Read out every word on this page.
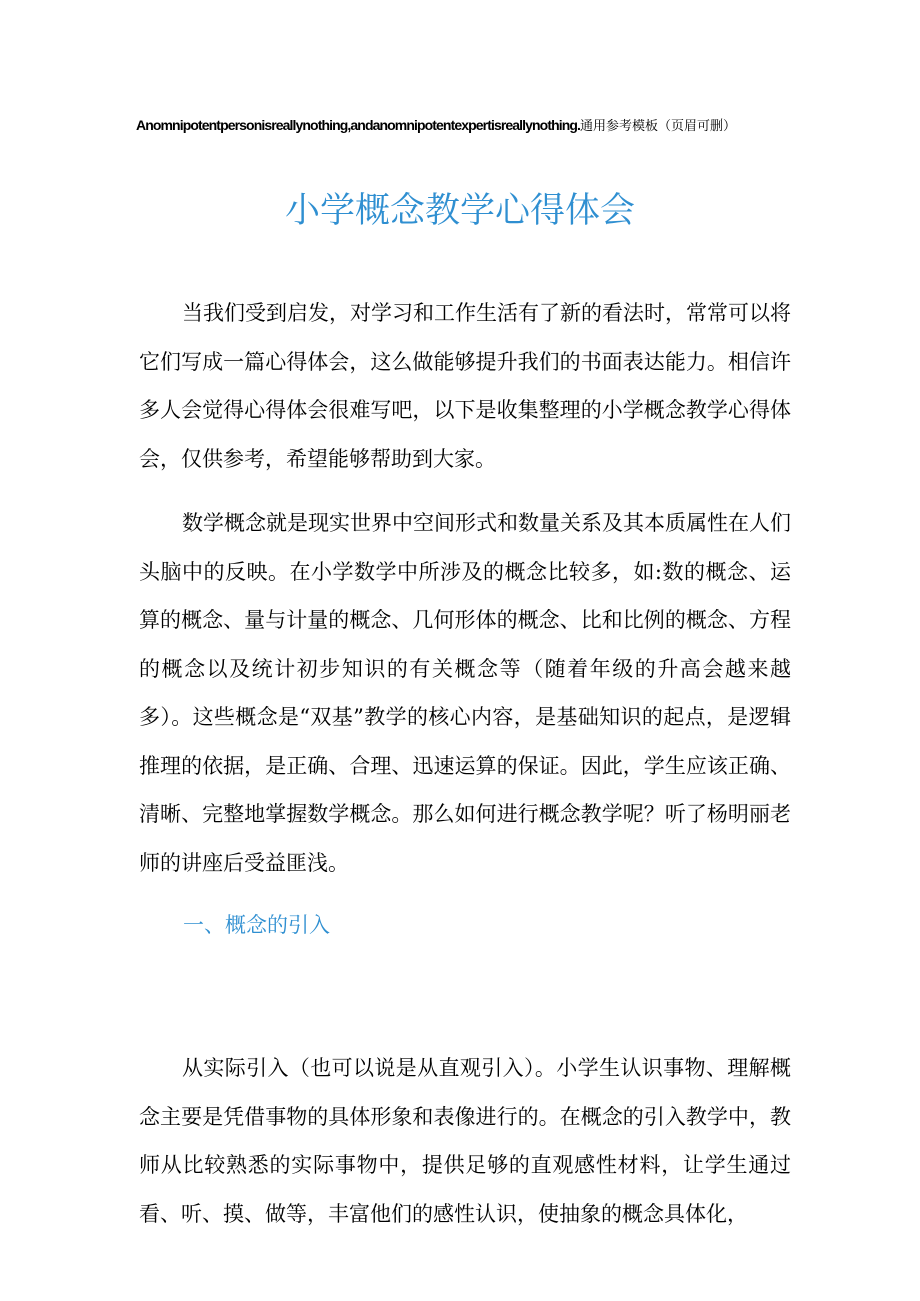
Anomnipotentpersonisreallynothing,andanomnipotentexpertisreallynothing.通用参考模板（页眉可删）
小学概念教学心得体会

当我们受到启发，对学习和工作生活有了新的看法时，常常可以将它们写成一篇心得体会，这么做能够提升我们的书面表达能力。相信许多人会觉得心得体会很难写吧，以下是收集整理的小学概念教学心得体会，仅供参考，希望能够帮助到大家。

数学概念就是现实世界中空间形式和数量关系及其本质属性在人们头脑中的反映。在小学数学中所涉及的概念比较多，如:数的概念、运算的概念、量与计量的概念、几何形体的概念、比和比例的概念、方程的概念以及统计初步知识的有关概念等（随着年级的升高会越来越多）。这些概念是“双基”教学的核心内容，是基础知识的起点，是逻辑推理的依据，是正确、合理、迅速运算的保证。因此，学生应该正确、清晰、完整地掌握数学概念。那么如何进行概念教学呢？听了杨明丽老师的讲座后受益匪浅。

一、概念的引入

从实际引入（也可以说是从直观引入）。小学生认识事物、理解概念主要是凭借事物的具体形象和表像进行的。在概念的引入教学中，教师从比较熟悉的实际事物中，提供足够的直观感性材料，让学生通过看、听、摸、做等，丰富他们的感性认识，使抽象的概念具体化，
